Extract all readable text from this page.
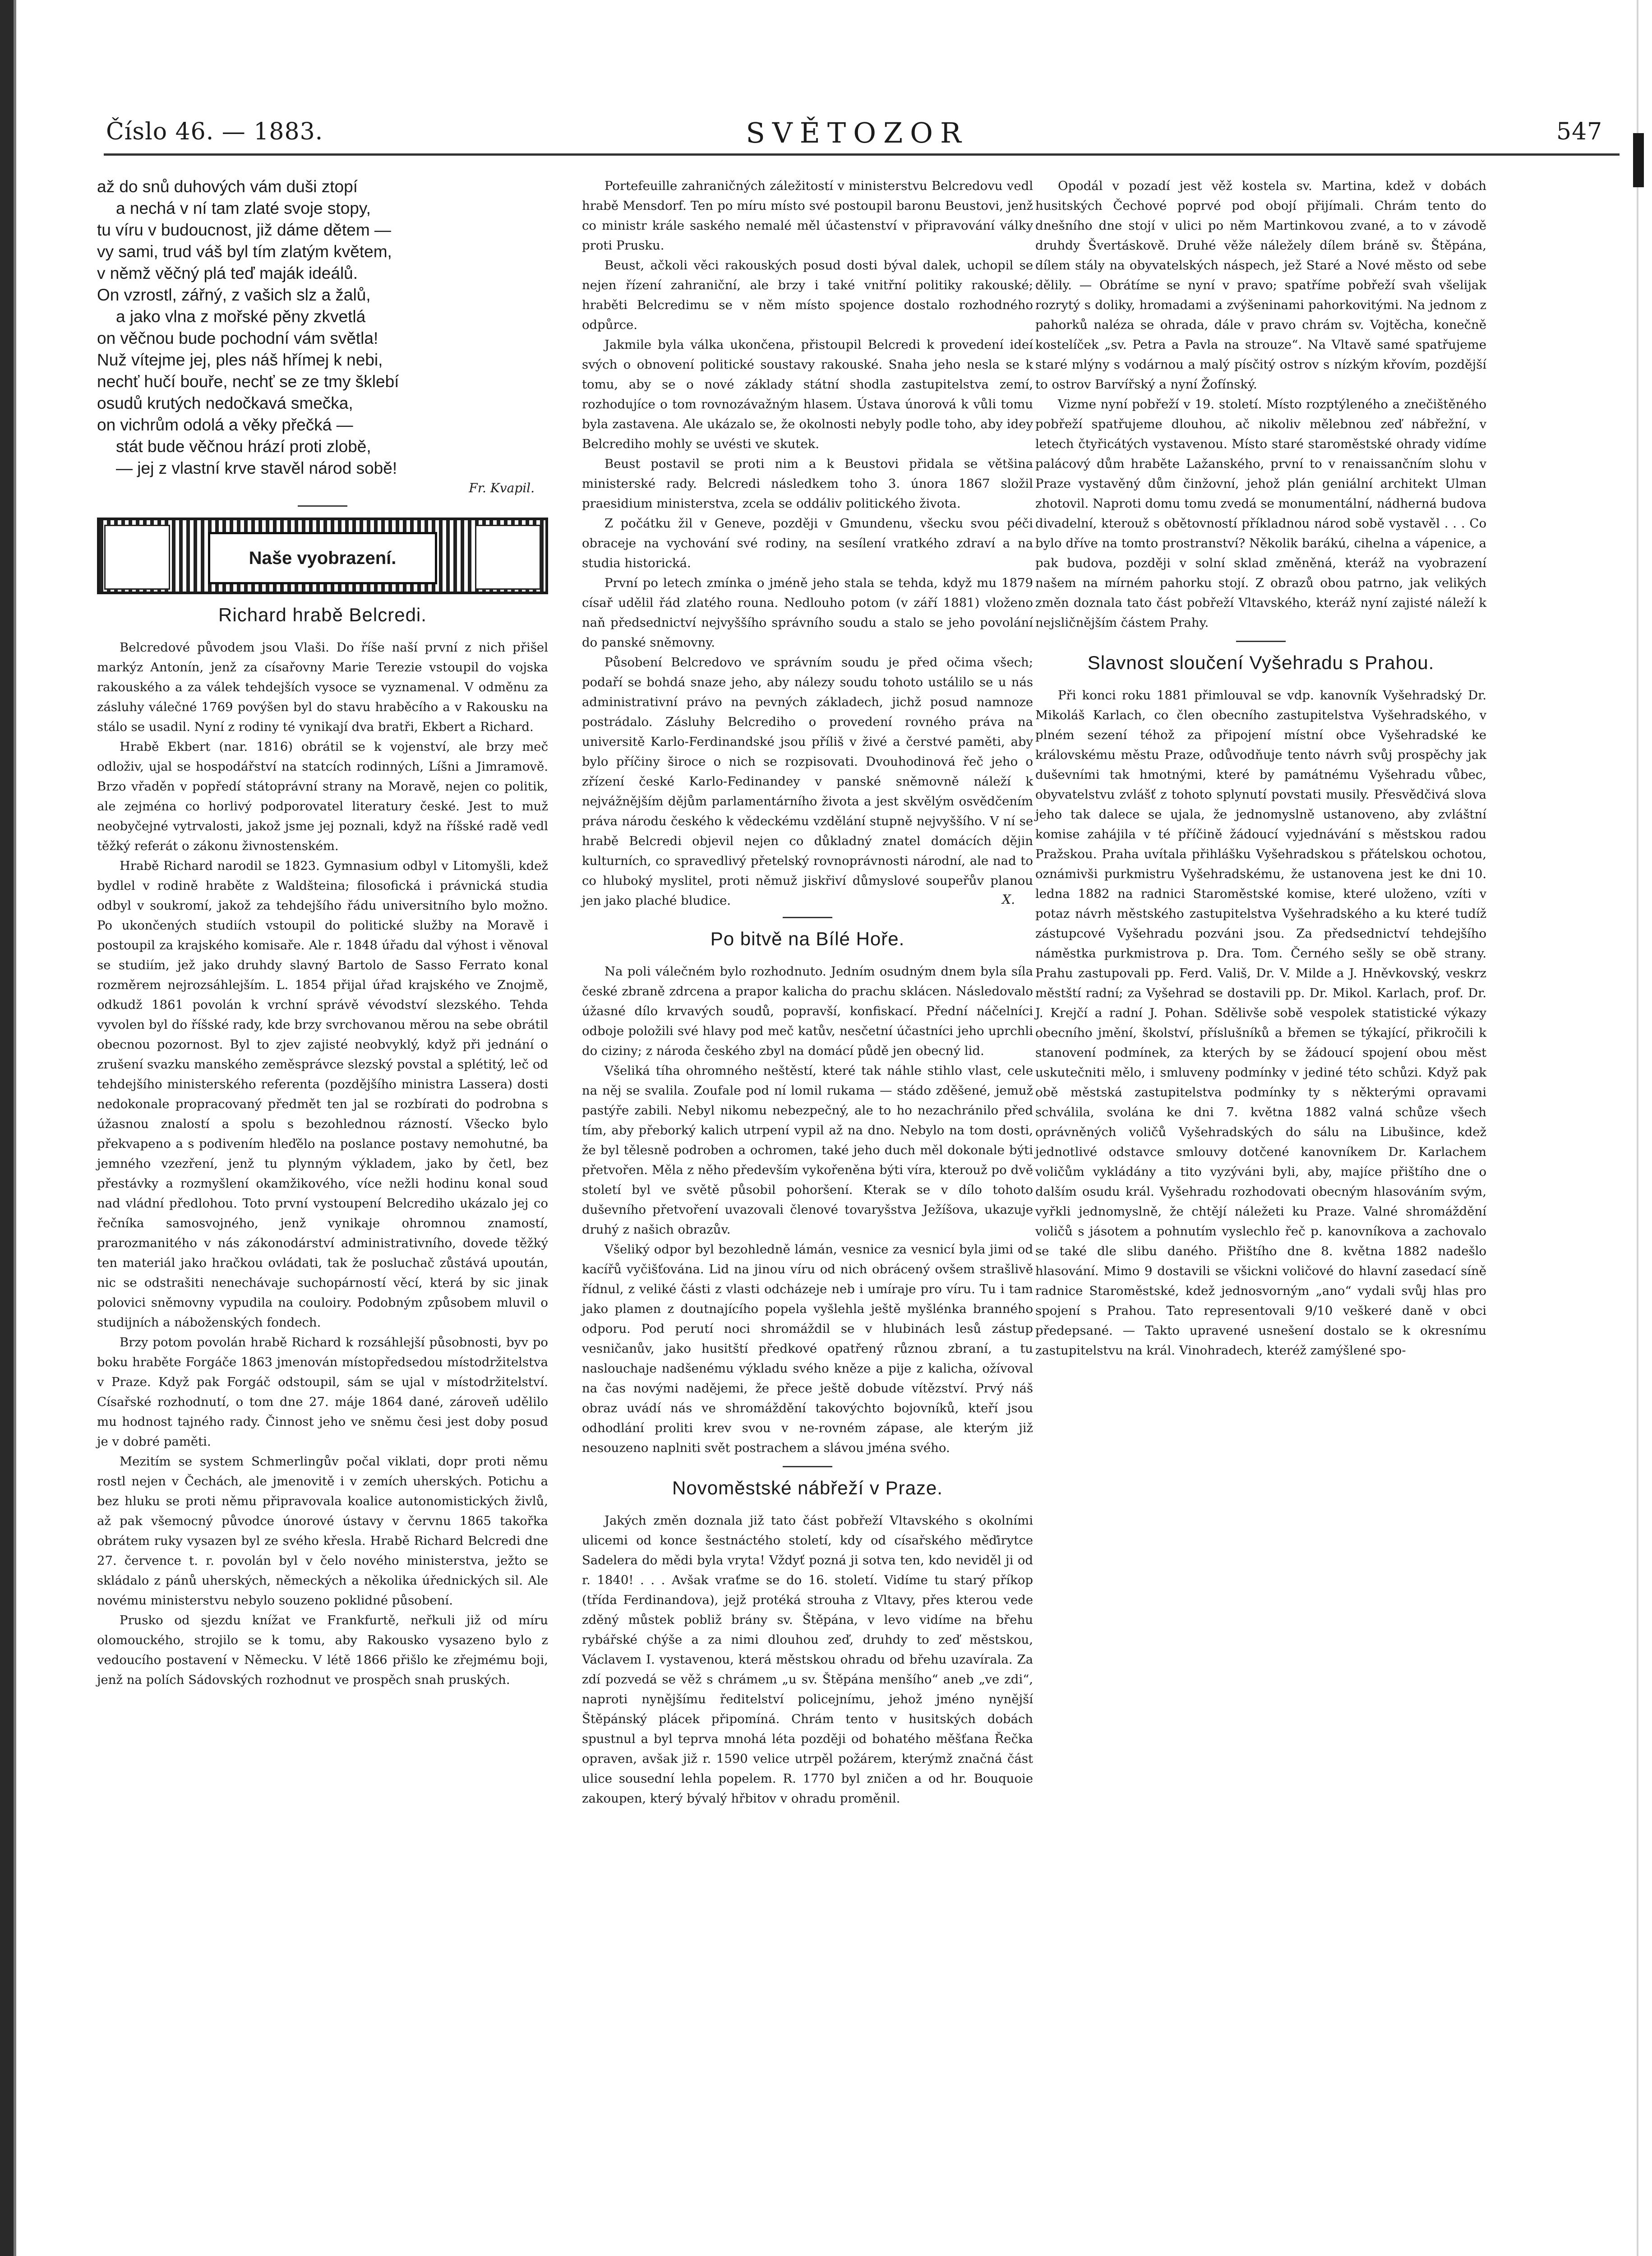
Číslo 46. — 1883.	SVĚTOZOR	547
až do snů duhových vám duši ztopí
a nechá v ní tam zlaté svoje stopy,
tu víru v budoucnost, již dáme dětem —
vy sami, trud váš byl tím zlatým květem,
v němž věčný plá teď maják ideálů.
On vzrostl, zářný, z vašich slz a žalů,
a jako vlna z mořské pěny zkvetlá
on věčnou bude pochodní vám světla!
Nuž vítejme jej, ples náš hřímej k nebi,
nechť hučí bouře, nechť se ze tmy šklebí
osudů krutých nedočkavá smečka,
on vichrům odolá a věky přečká —
stát bude věčnou hrází proti zlobě,
— jej z vlastní krve stavěl národ sobě!
Fr. Kvapil.
Naše vyobrazení.
Richard hrabě Belcredi.

Belcredové původem jsou Vlaši. Do říše naší první z nich přišel markýz Antonín, jenž za císařovny Marie Terezie vstoupil do vojska rakouského a za válek tehdejších vysoce se vyznamenal. V odměnu za zásluhy válečné 1769 povýšen byl do stavu hraběcího a v Rakousku na stálo se usadil. Nyní z rodiny té vynikají dva bratři, Ekbert a Richard.

Hrabě Ekbert (nar. 1816) obrátil se k vojenství, ale brzy meč odloživ, ujal se hospodářství na statcích rodinných, Líšni a Jimramově. Brzo vřaděn v popředí státoprávní strany na Moravě, nejen co politik, ale zejména co horlivý podporovatel literatury české. Jest to muž neobyčejné vytrvalosti, jakož jsme jej poznali, když na říšské radě vedl těžký referát o zákonu živnostenském.

Hrabě Richard narodil se 1823. Gymnasium odbyl v Litomyšli, kdež bydlel v rodině hraběte z Waldšteina; filosofická i právnická studia odbyl v soukromí, jakož za tehdejšího řádu universitního bylo možno. Po ukončených studiích vstoupil do politické služby na Moravě i postoupil za krajského komisaře. Ale r. 1848 úřadu dal výhost i věnoval se studiím, jež jako druhdy slavný Bartolo de Sasso Ferrato konal rozměrem nejrozsáhlejším. L. 1854 přijal úřad krajského ve Znojmě, odkudž 1861 povolán k vrchní správě vévodství slezského. Tehda vyvolen byl do říšské rady, kde brzy svrchovanou měrou na sebe obrátil obecnou pozornost. Byl to zjev zajisté neobvyklý, když při jednání o zrušení svazku manského zeměsprávce slezský povstal a splétitý, leč od tehdejšího ministerského referenta (pozdějšího ministra Lassera) dosti nedokonale propracovaný předmět ten jal se rozbírati do podrobna s úžasnou znalostí a spolu s bezohlednou rázností. Všecko bylo překvapeno a s podivením hleďělo na poslance postavy nemohutné, ba jemného vzezření, jenž tu plynným výkladem, jako by četl, bez přestávky a rozmyšlení okamžikového, více nežli hodinu konal soud nad vládní předlohou. Toto první vystoupení Belcrediho ukázalo jej co řečníka samosvojného, jenž vynikaje ohromnou znamostí, prarozmanitého v nás zákonodárství administrativního, dovede těžký ten materiál jako hračkou ovládati, tak že posluchač zůstává upoután, nic se odstrašiti nenechávaje suchopárností věcí, která by sic jinak polovici sněmovny vypudila na couloiry. Podobným způsobem mluvil o studijních a náboženských fondech.

Brzy potom povolán hrabě Richard k rozsáhlejší působnosti, byv po boku hraběte Forgáče 1863 jmenován místopředsedou místodržitelstva v Praze. Když pak Forgáč odstoupil, sám se ujal v místodržitelství. Císařské rozhodnutí, o tom dne 27. máje 1864 dané, zároveň udělilo mu hodnost tajného rady. Činnost jeho ve sněmu česi jest doby posud je v dobré paměti.

Mezitím se system Schmerlingův počal viklati, dopr proti němu rostl nejen v Čechách, ale jmenovitě i v zemích uherských. Potichu a bez hluku se proti němu připravovala koalice autonomistických živlů, až pak všemocný původce únorové ústavy v červnu 1865 takořka obrátem ruky vysazen byl ze svého křesla. Hrabě Richard Belcredi dne 27. července t. r. povolán byl v čelo nového ministerstva, ježto se skládalo z pánů uherských, německých a několika úřednických sil. Ale novému ministerstvu nebylo souzeno poklidné působení.

Prusko od sjezdu knížat ve Frankfurtě, neřkuli již od míru olomouckého, strojilo se k tomu, aby Rakousko vysazeno bylo z vedoucího postavení v Německu. V létě 1866 přišlo ke zřejmému boji, jenž na polích Sádovských rozhodnut ve prospěch snah pruských.

Portefeuille zahraničných záležitostí v ministerstvu Belcredovu vedl hrabě Mensdorf. Ten po míru místo své postoupil baronu Beustovi, jenž co ministr krále saského nemalé měl účastenství v připravování války proti Prusku.

Beust, ačkoli věci rakouských posud dosti býval dalek, uchopil se nejen řízení zahraniční, ale brzy i také vnitřní politiky rakouské; hraběti Belcredimu se v něm místo spojence dostalo rozhodného odpůrce.

Jakmile byla válka ukončena, přistoupil Belcredi k provedení ideí svých o obnovení politické soustavy rakouské. Snaha jeho nesla se k tomu, aby se o nové základy státní shodla zastupitelstva zemí, rozhodujíce o tom rovnozávažným hlasem. Ústava únorová k vůli tomu byla zastavena. Ale ukázalo se, že okolnosti nebyly podle toho, aby idey Belcrediho mohly se uvésti ve skutek.

Beust postavil se proti nim a k Beustovi přidala se většina ministerské rady. Belcredi následkem toho 3. února 1867 složil praesidium ministerstva, zcela se oddáliv politického života.

Z počátku žil v Geneve, později v Gmundenu, všecku svou péči obraceje na vychování své rodiny, na sesílení vratkého zdraví a na studia historická.

První po letech zmínka o jméně jeho stala se tehda, když mu 1879 císař udělil řád zlatého rouna. Nedlouho potom (v září 1881) vloženo naň předsednictví nejvyššího správního soudu a stalo se jeho povolání do panské sněmovny.

Působení Belcredovo ve správním soudu je před očima všech; podaří se bohdá snaze jeho, aby nálezy soudu tohoto ustálilo se u nás administrativní právo na pevných základech, jichž posud namnoze postrádalo. Zásluhy Belcrediho o provedení rovného práva na universitě Karlo-Ferdinandské jsou příliš v živé a čerstvé paměti, aby bylo příčiny široce o nich se rozpisovati. Dvouhodinová řeč jeho o zřízení české Karlo-Fedinandey v panské sněmovně náleží k nejvážnějším dějům parlamentárního života a jest skvělým osvědčením práva národu českého k vědeckému vzdělání stupně nejvyššího. V ní se hrabě Belcredi objevil nejen co důkladný znatel domácích dějin kulturních, co spravedlivý přetelský rovnoprávnosti národní, ale nad to co hluboký myslitel, proti němuž jiskřiví důmyslové soupeřův planou jen jako plaché bludice.	X.
Po bitvě na Bílé Hoře.

Na poli válečném bylo rozhodnuto. Jedním osudným dnem byla síla české zbraně zdrcena a prapor kalicha do prachu sklácen. Následovalo úžasné dílo krvavých soudů, popravší, konfiskací. Přední náčelníci odboje položili své hlavy pod meč katův, nesčetní účastníci jeho uprchli do ciziny; z národa českého zbyl na domácí půdě jen obecný lid.

Všeliká tíha ohromného neštěstí, které tak náhle stihlo vlast, cele na něj se svalila. Zoufale pod ní lomil rukama — stádo zděšené, jemuž pastýře zabili. Nebyl nikomu nebezpečný, ale to ho nezachránilo před tím, aby přeborký kalich utrpení vypil až na dno. Nebylo na tom dosti, že byl tělesně podroben a ochromen, také jeho duch měl dokonale býti přetvořen. Měla z něho především vykořeněna býti víra, kterouž po dvě století byl ve světě působil pohoršení. Kterak se v dílo tohoto duševního přetvoření uvazovali členové tovaryšstva Ježíšova, ukazuje druhý z našich obrazův.

Všeliký odpor byl bezohledně lámán, vesnice za vesnicí byla jimi od kacířů vyčišťována. Lid na jinou víru od nich obrácený ovšem strašlivě řídnul, z veliké části z vlasti odcházeje neb i umíraje pro víru. Tu i tam jako plamen z doutnajícího popela vyšlehla ještě myšlénka branného odporu. Pod perutí noci shromáždil se v hlubinách lesů zástup vesničanův, jako husitští předkové opatřený různou zbraní, a tu naslouchaje nadšenému výkladu svého kněze a pije z kalicha, ožívoval na čas novými nadějemi, že přece ještě dobude vítězství. Prvý náš obraz uvádí nás ve shromáždění takovýchto bojovníků, kteří jsou odhodlání proliti krev svou v ne-rovném zápase, ale kterým již nesouzeno naplniti svět postrachem a slávou jména svého.

Novoměstské nábřeží v Praze.

Jakých změn doznala již tato část pobřeží Vltavského s okolními ulicemi od konce šestnáctého století, kdy od císařského měďirytce Sadelera do mědi byla vryta! Vždyť pozná ji sotva ten, kdo neviděl ji od r. 1840! . . . Avšak vraťme se do 16. století. Vidíme tu starý příkop (třída Ferdinandova), jejž protéká strouha z Vltavy, přes kterou vede zděný můstek pobliž brány sv. Štěpána, v levo vidíme na břehu rybářské chýše a za nimi dlouhou zeď, druhdy to zeď městskou, Václavem I. vystavenou, která městskou ohradu od břehu uzavírala. Za zdí pozvedá se věž s chrámem „u sv. Štěpána menšího“ aneb „ve zdi“, naproti nynějšímu ředitelství policejnímu, jehož jméno nynější Štěpánský plácek připomíná. Chrám tento v husitských dobách spustnul a byl teprva mnohá léta později od bohatého měšťana Řečka opraven, avšak již r. 1590 velice utrpěl požárem, kterýmž značná část ulice sousední lehla popelem. R. 1770 byl zničen a od hr. Bouquoie zakoupen, který bývalý hřbitov v ohradu proměnil.

Opodál v pozadí jest věž kostela sv. Martina, kdež v dobách husitských Čechové poprvé pod obojí přijímali. Chrám tento do dnešního dne stojí v ulici po něm Martinkovou zvané, a to v závodě druhdy Švertáskově. Druhé věže náležely dílem bráně sv. Štěpána, dílem stály na obyvatelských náspech, jež Staré a Nové město od sebe dělily. — Obrátíme se nyní v pravo; spatříme pobřeží svah všelijak rozrytý s doliky, hromadami a zvýšeninami pahorkovitými. Na jednom z pahorků naléza se ohrada, dále v pravo chrám sv. Vojtěcha, konečně kostelíček „sv. Petra a Pavla na strouze“. Na Vltavě samé spatřujeme staré mlýny s vodárnou a malý písčitý ostrov s nízkým křovím, pozdější to ostrov Barvířský a nyní Žofínský.

Vizme nyní pobřeží v 19. století. Místo rozptýleného a znečištěného pobřeží spatřujeme dlouhou, ač nikoliv mělebnou zeď nábřežní, v letech čtyřicátých vystavenou. Místo staré staroměstské ohrady vidíme palácový dům hraběte Lažanského, první to v renaissančním slohu v Praze vystavěný dům činžovní, jehož plán geniální architekt Ulman zhotovil. Naproti domu tomu zvedá se monumentální, nádherná budova divadelní, kterouž s obětovností příkladnou národ sobě vystavěl . . . Co bylo dříve na tomto prostranství? Několik barákú, cihelna a vápenice, a pak budova, později v solní sklad změněná, kteráž na vyobrazení našem na mírném pahorku stojí. Z obrazů obou patrno, jak velikých změn doznala tato část pobřeží Vltavského, kteráž nyní zajisté náleží k nejsličnějším částem Prahy.

Slavnost sloučení Vyšehradu s Prahou.

Při konci roku 1881 přimlouval se vdp. kanovník Vyšehradský Dr. Mikoláš Karlach, co člen obecního zastupitelstva Vyšehradského, v plném sezení téhož za připojení místní obce Vyšehradské ke královskému městu Praze, odůvodňuje tento návrh svůj prospěchy jak duševními tak hmotnými, které by památnému Vyšehradu vůbec, obyvatelstvu zvlášť z tohoto splynutí povstati musily. Přesvědčivá slova jeho tak dalece se ujala, že jednomyslně ustanoveno, aby zvláštní komise zahájila v té příčině žádoucí vyjednávání s městskou radou Pražskou. Praha uvítala přihlášku Vyšehradskou s přátelskou ochotou, oznámivši purkmistru Vyšehradskému, že ustanovena jest ke dni 10. ledna 1882 na radnici Staroměstské komise, které uloženo, vzíti v potaz návrh městského zastupitelstva Vyšehradského a ku které tudíž zástupcové Vyšehradu pozváni jsou. Za předsednictví tehdejšího náměstka purkmistrova p. Dra. Tom. Černého sešly se obě strany. Prahu zastupovali pp. Ferd. Vališ, Dr. V. Milde a J. Hněvkovský, veskrz městští radní; za Vyšehrad se dostavili pp. Dr. Mikol. Karlach, prof. Dr. J. Krejčí a radní J. Pohan. Sdělivše sobě vespolek statistické výkazy obecního jmění, školství, příslušníků a břemen se týkající, přikročili k stanovení podmínek, za kterých by se žádoucí spojení obou měst uskutečniti mělo, i smluveny podmínky v jediné této schůzi. Když pak obě městská zastupitelstva podmínky ty s některými opravami schválila, svolána ke dni 7. května 1882 valná schůze všech oprávněných voličů Vyšehradských do sálu na Libušince, kdež jednotlivé odstavce smlouvy dotčené kanovníkem Dr. Karlachem voličům vykládány a tito vyzýváni byli, aby, majíce přištího dne o dalším osudu král. Vyšehradu rozhodovati obecným hlasováním svým, vyřkli jednomyslně, že chtějí náležeti ku Praze. Valné shromáždění voličů s jásotem a pohnutím vyslechlo řeč p. kanovníkova a zachovalo se také dle slibu daného. Přištího dne 8. května 1882 nadešlo hlasování. Mimo 9 dostavili se všickni voličové do hlavní zasedací síně radnice Staroměstské, kdež jednosvorným „ano“ vydali svůj hlas pro spojení s Prahou. Tato representovali 9/10 veškeré daně v obci předepsané. — Takto upravené usnešení dostalo se k okresnímu zastupitelstvu na král. Vinohradech, kteréž zamýšlené spo-
